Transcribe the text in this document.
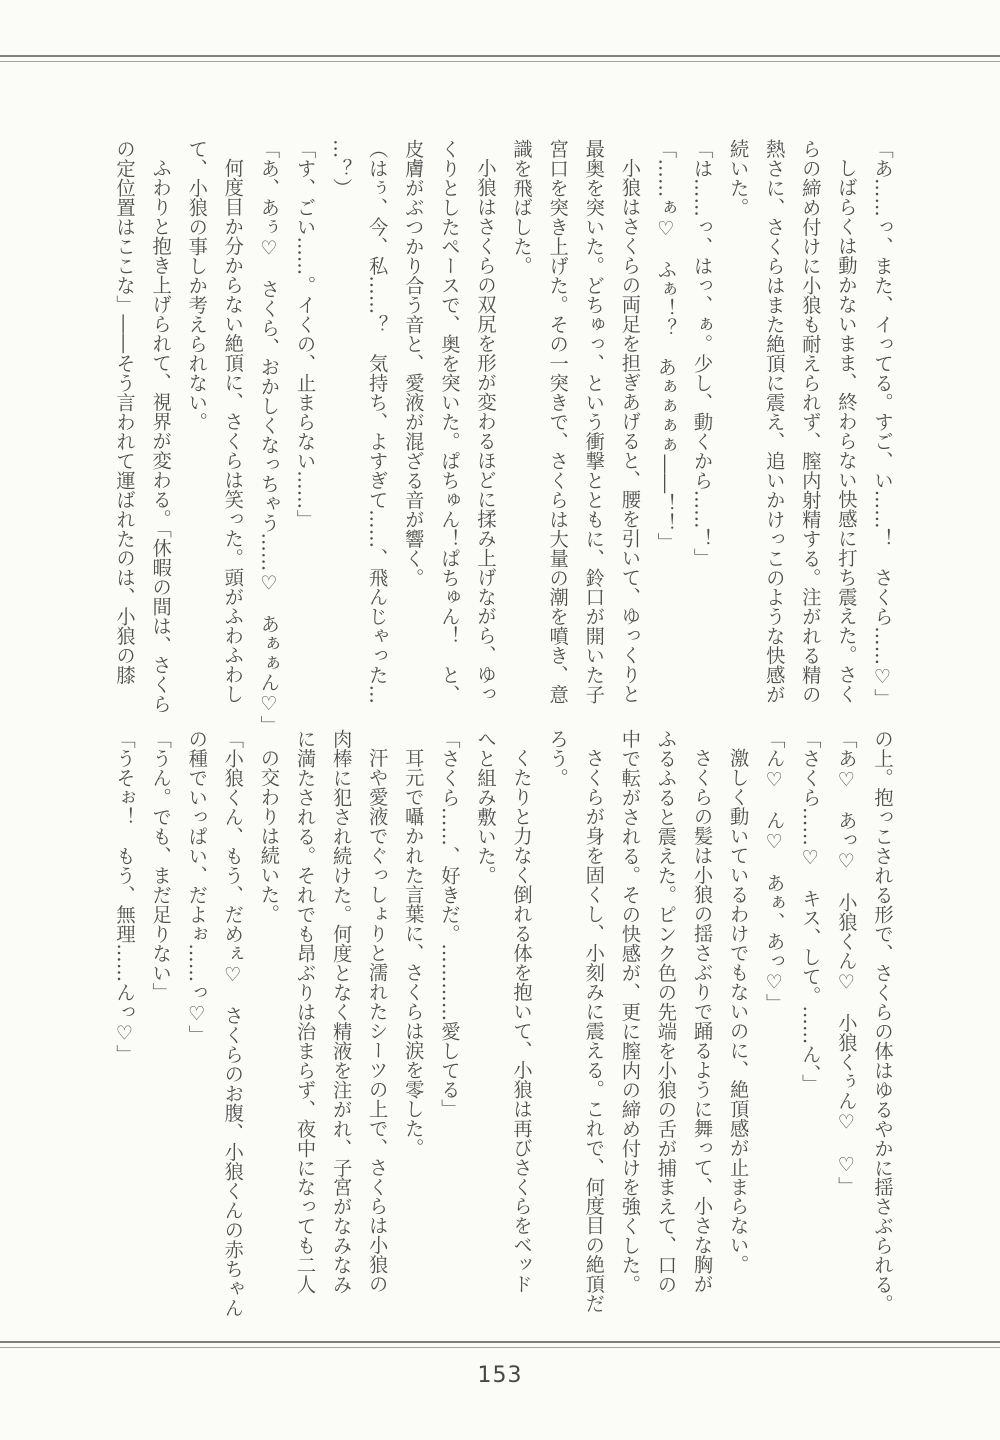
「あ……っ、また、イってる。すご、い……！　さくら……♡」

しばらくは動かないまま、終わらない快感に打ち震えた。さく

らの締め付けに小狼も耐えられず、膣内射精する。注がれる精の

熱さに、さくらはまた絶頂に震え、追いかけっこのような快感が

続いた。

「は……っ、はっ、ぁ。少し、動くから……！」

「……ぁ♡　ふぁ！？　あぁぁぁぁ――！！」

小狼はさくらの両足を担ぎあげると、腰を引いて、ゆっくりと

最奥を突いた。どちゅっ、という衝撃とともに、鈴口が開いた子

宮口を突き上げた。その一突きで、さくらは大量の潮を噴き、意

識を飛ばした。

小狼はさくらの双尻を形が変わるほどに揉み上げながら、ゆっ

くりとしたペースで、奥を突いた。ぱちゅん！ぱちゅん！　と、

皮膚がぶつかり合う音と、愛液が混ざる音が響く。

（はぅ、今、私……？　気持ち、よすぎて……、飛んじゃった…

…？）

「す、ごい……。イくの、止まらない……」

「あ、あぅ♡　さくら、おかしくなっちゃう……♡　あぁぁん♡」

何度目か分からない絶頂に、さくらは笑った。頭がふわふわし

て、小狼の事しか考えられない。

ふわりと抱き上げられて、視界が変わる。「休暇の間は、さくら

の定位置はここな」――そう言われて運ばれたのは、小狼の膝

の上。抱っこされる形で、さくらの体はゆるやかに揺さぶられる。

「あ♡　あっ♡　小狼くん♡　小狼くぅん♡　♡」

「さくら……♡　キス、して。……ん、」

「ん♡　ん♡　あぁ、あっ♡」

激しく動いているわけでもないのに、絶頂感が止まらない。

さくらの髪は小狼の揺さぶりで踊るように舞って、小さな胸が

ふるふると震えた。ピンク色の先端を小狼の舌が捕まえて、口の

中で転がされる。その快感が、更に膣内の締め付けを強くした。

さくらが身を固くし、小刻みに震える。これで、何度目の絶頂だ

ろう。

くたりと力なく倒れる体を抱いて、小狼は再びさくらをベッド

へと組み敷いた。

「さくら……、好きだ。…………愛してる」

耳元で囁かれた言葉に、さくらは涙を零した。

汗や愛液でぐっしょりと濡れたシーツの上で、さくらは小狼の

肉棒に犯され続けた。何度となく精液を注がれ、子宮がなみなみ

に満たされる。それでも昂ぶりは治まらず、夜中になっても二人

の交わりは続いた。

「小狼くん、もう、だめぇ♡　さくらのお腹、小狼くんの赤ちゃん

の種でいっぱい、だよぉ……っ♡」

「うん。でも、まだ足りない」

「うそぉ！　もう、無理……んっ♡」

153
